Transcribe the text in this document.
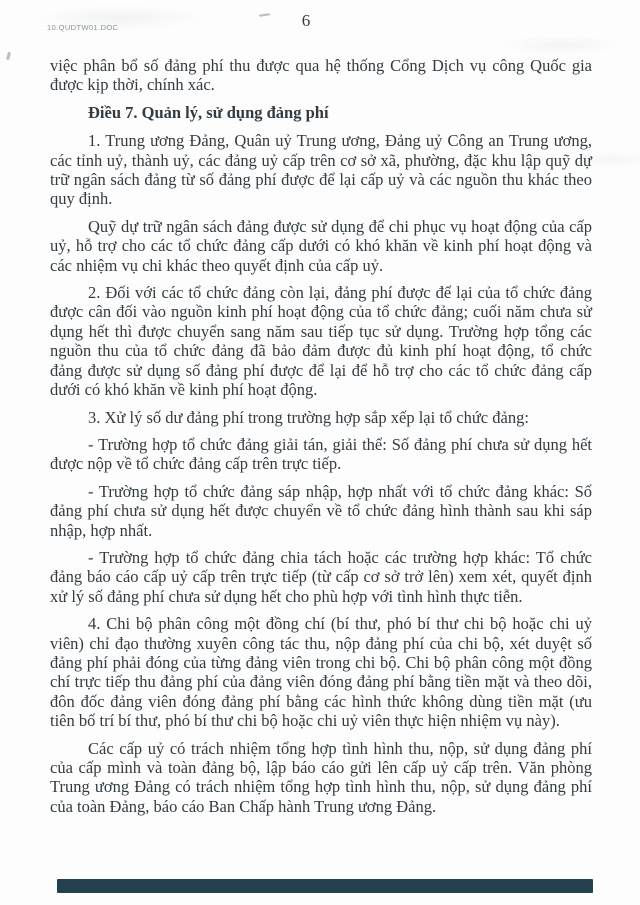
10.QUDTW01.DOC	6

việc phân bổ số đảng phí thu được qua hệ thống Cổng Dịch vụ công Quốc gia được kịp thời, chính xác.

Điều 7. Quản lý, sử dụng đảng phí

1. Trung ương Đảng, Quân uỷ Trung ương, Đảng uỷ Công an Trung ương, các tỉnh uỷ, thành uỷ, các đảng uỷ cấp trên cơ sở xã, phường, đặc khu lập quỹ dự trữ ngân sách đảng từ số đảng phí được để lại cấp uỷ và các nguồn thu khác theo quy định.

Quỹ dự trữ ngân sách đảng được sử dụng để chi phục vụ hoạt động của cấp uỷ, hỗ trợ cho các tổ chức đảng cấp dưới có khó khăn về kinh phí hoạt động và các nhiệm vụ chi khác theo quyết định của cấp uỷ.

2. Đối với các tổ chức đảng còn lại, đảng phí được để lại của tổ chức đảng được cân đối vào nguồn kinh phí hoạt động của tổ chức đảng; cuối năm chưa sử dụng hết thì được chuyển sang năm sau tiếp tục sử dụng. Trường hợp tổng các nguồn thu của tổ chức đảng đã bảo đảm được đủ kinh phí hoạt động, tổ chức đảng được sử dụng số đảng phí được để lại để hỗ trợ cho các tổ chức đảng cấp dưới có khó khăn về kinh phí hoạt động.

3. Xử lý số dư đảng phí trong trường hợp sắp xếp lại tổ chức đảng:

- Trường hợp tổ chức đảng giải tán, giải thể: Số đảng phí chưa sử dụng hết được nộp về tổ chức đảng cấp trên trực tiếp.

- Trường hợp tổ chức đảng sáp nhập, hợp nhất với tổ chức đảng khác: Số đảng phí chưa sử dụng hết được chuyển về tổ chức đảng hình thành sau khi sáp nhập, hợp nhất.

- Trường hợp tổ chức đảng chia tách hoặc các trường hợp khác: Tổ chức đảng báo cáo cấp uỷ cấp trên trực tiếp (từ cấp cơ sở trở lên) xem xét, quyết định xử lý số đảng phí chưa sử dụng hết cho phù hợp với tình hình thực tiễn.

4. Chi bộ phân công một đồng chí (bí thư, phó bí thư chi bộ hoặc chi uỷ viên) chỉ đạo thường xuyên công tác thu, nộp đảng phí của chi bộ, xét duyệt số đảng phí phải đóng của từng đảng viên trong chi bộ. Chi bộ phân công một đồng chí trực tiếp thu đảng phí của đảng viên đóng đảng phí bằng tiền mặt và theo dõi, đôn đốc đảng viên đóng đảng phí bằng các hình thức không dùng tiền mặt (ưu tiên bố trí bí thư, phó bí thư chi bộ hoặc chi uỷ viên thực hiện nhiệm vụ này).

Các cấp uỷ có trách nhiệm tổng hợp tình hình thu, nộp, sử dụng đảng phí của cấp mình và toàn đảng bộ, lập báo cáo gửi lên cấp uỷ cấp trên. Văn phòng Trung ương Đảng có trách nhiệm tổng hợp tình hình thu, nộp, sử dụng đảng phí của toàn Đảng, báo cáo Ban Chấp hành Trung ương Đảng.
